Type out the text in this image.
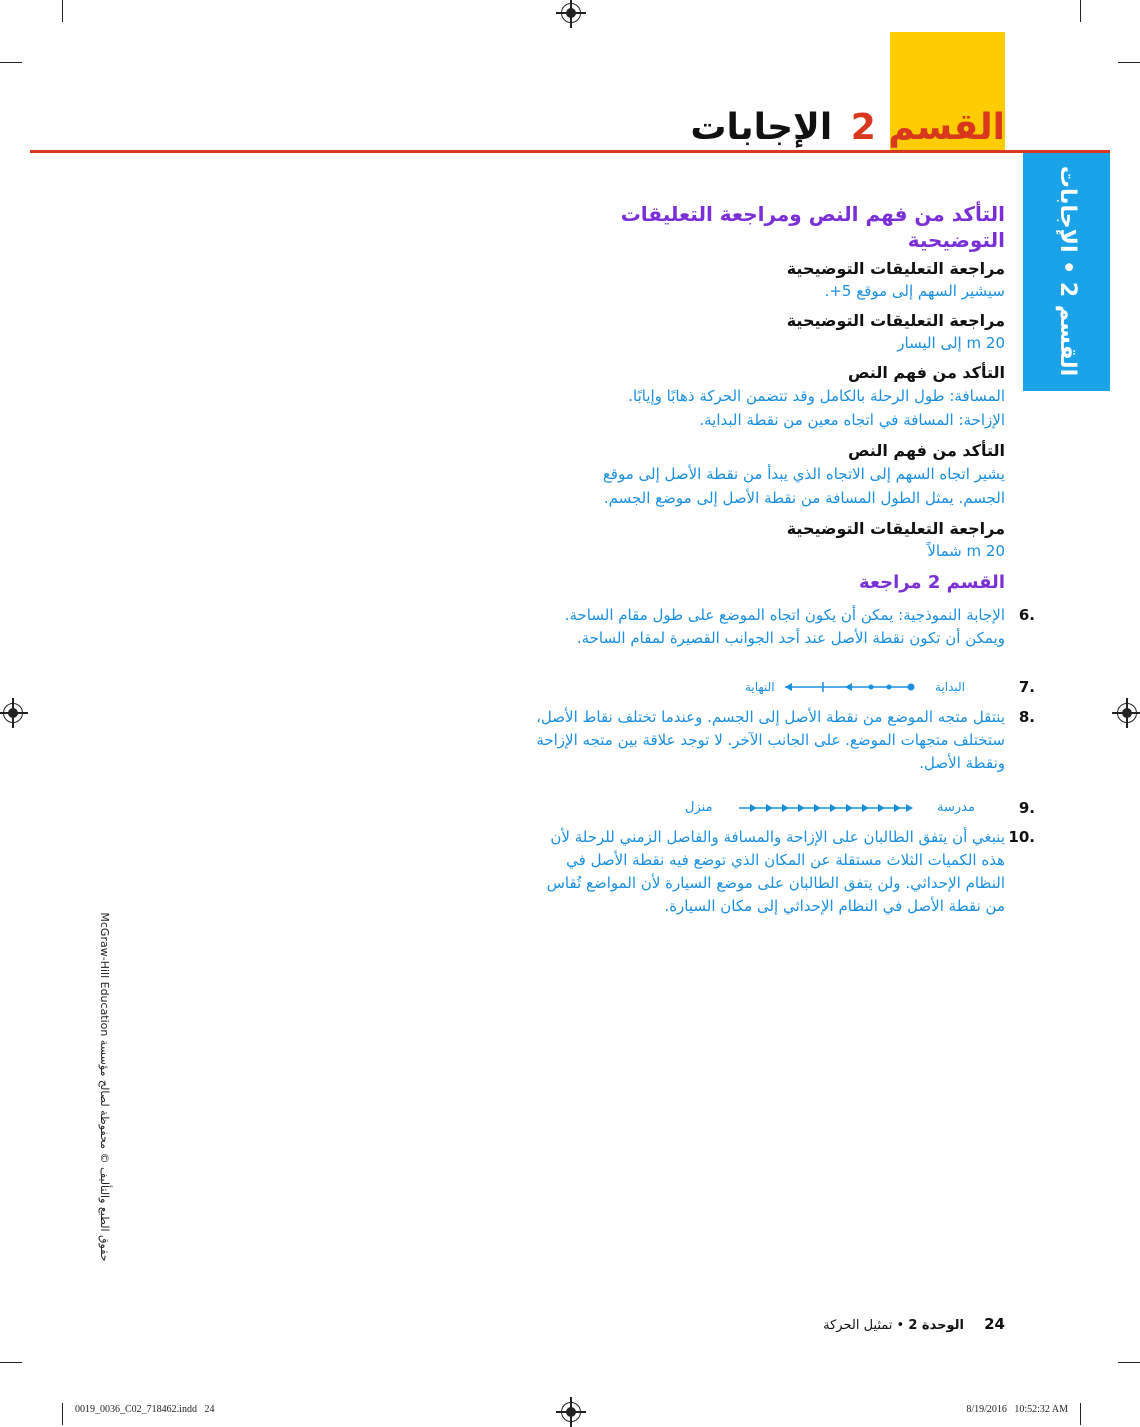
القسم 2 الإجابات
القسم 2 • الإجابات
التأكد من فهم النص ومراجعة التعليقات
التوضيحية
مراجعة التعليقات التوضيحية
سيشير السهم إلى موقع 5+.
مراجعة التعليقات التوضيحية
20 m إلى اليسار
التأكد من فهم النص
المسافة: طول الرحلة بالكامل وقد تتضمن الحركة ذهابًا وإيابًا.
الإزاحة: المسافة في اتجاه معين من نقطة البداية.
التأكد من فهم النص
يشير اتجاه السهم إلى الاتجاه الذي يبدأ من نقطة الأصل إلى موقع
الجسم. يمثل الطول المسافة من نقطة الأصل إلى موضع الجسم.
مراجعة التعليقات التوضيحية
20 m شمالاً
القسم 2 مراجعة
6.
الإجابة النموذجية: يمكن أن يكون اتجاه الموضع على طول مقام الساحة. ويمكن أن تكون نقطة الأصل عند أحد الجوانب القصيرة لمقام الساحة.
7.
البداية
النهاية
8.
ينتقل متجه الموضع من نقطة الأصل إلى الجسم. وعندما تختلف نقاط الأصل، ستختلف متجهات الموضع. على الجانب الآخر. لا توجد علاقة بين متجه الإزاحة ونقطة الأصل.
9.
مدرسة
منزل
10.
ينبغي أن يتفق الطالبان على الإزاحة والمسافة والفاصل الزمني للرحلة لأن هذه الكميات الثلاث مستقلة عن المكان الذي توضع فيه نقطة الأصل في النظام الإحداثي. ولن يتفق الطالبان على موضع السيارة لأن المواضع تُقاس من نقطة الأصل في النظام الإحداثي إلى مكان السيارة.
حقوق الطبع والتأليف © محفوظة لصالح مؤسسة McGraw-Hill Education
24 الوحدة 2 • تمثيل الحركة
0019_0036_C02_718462.indd   24	8/19/2016   10:52:32 AM
